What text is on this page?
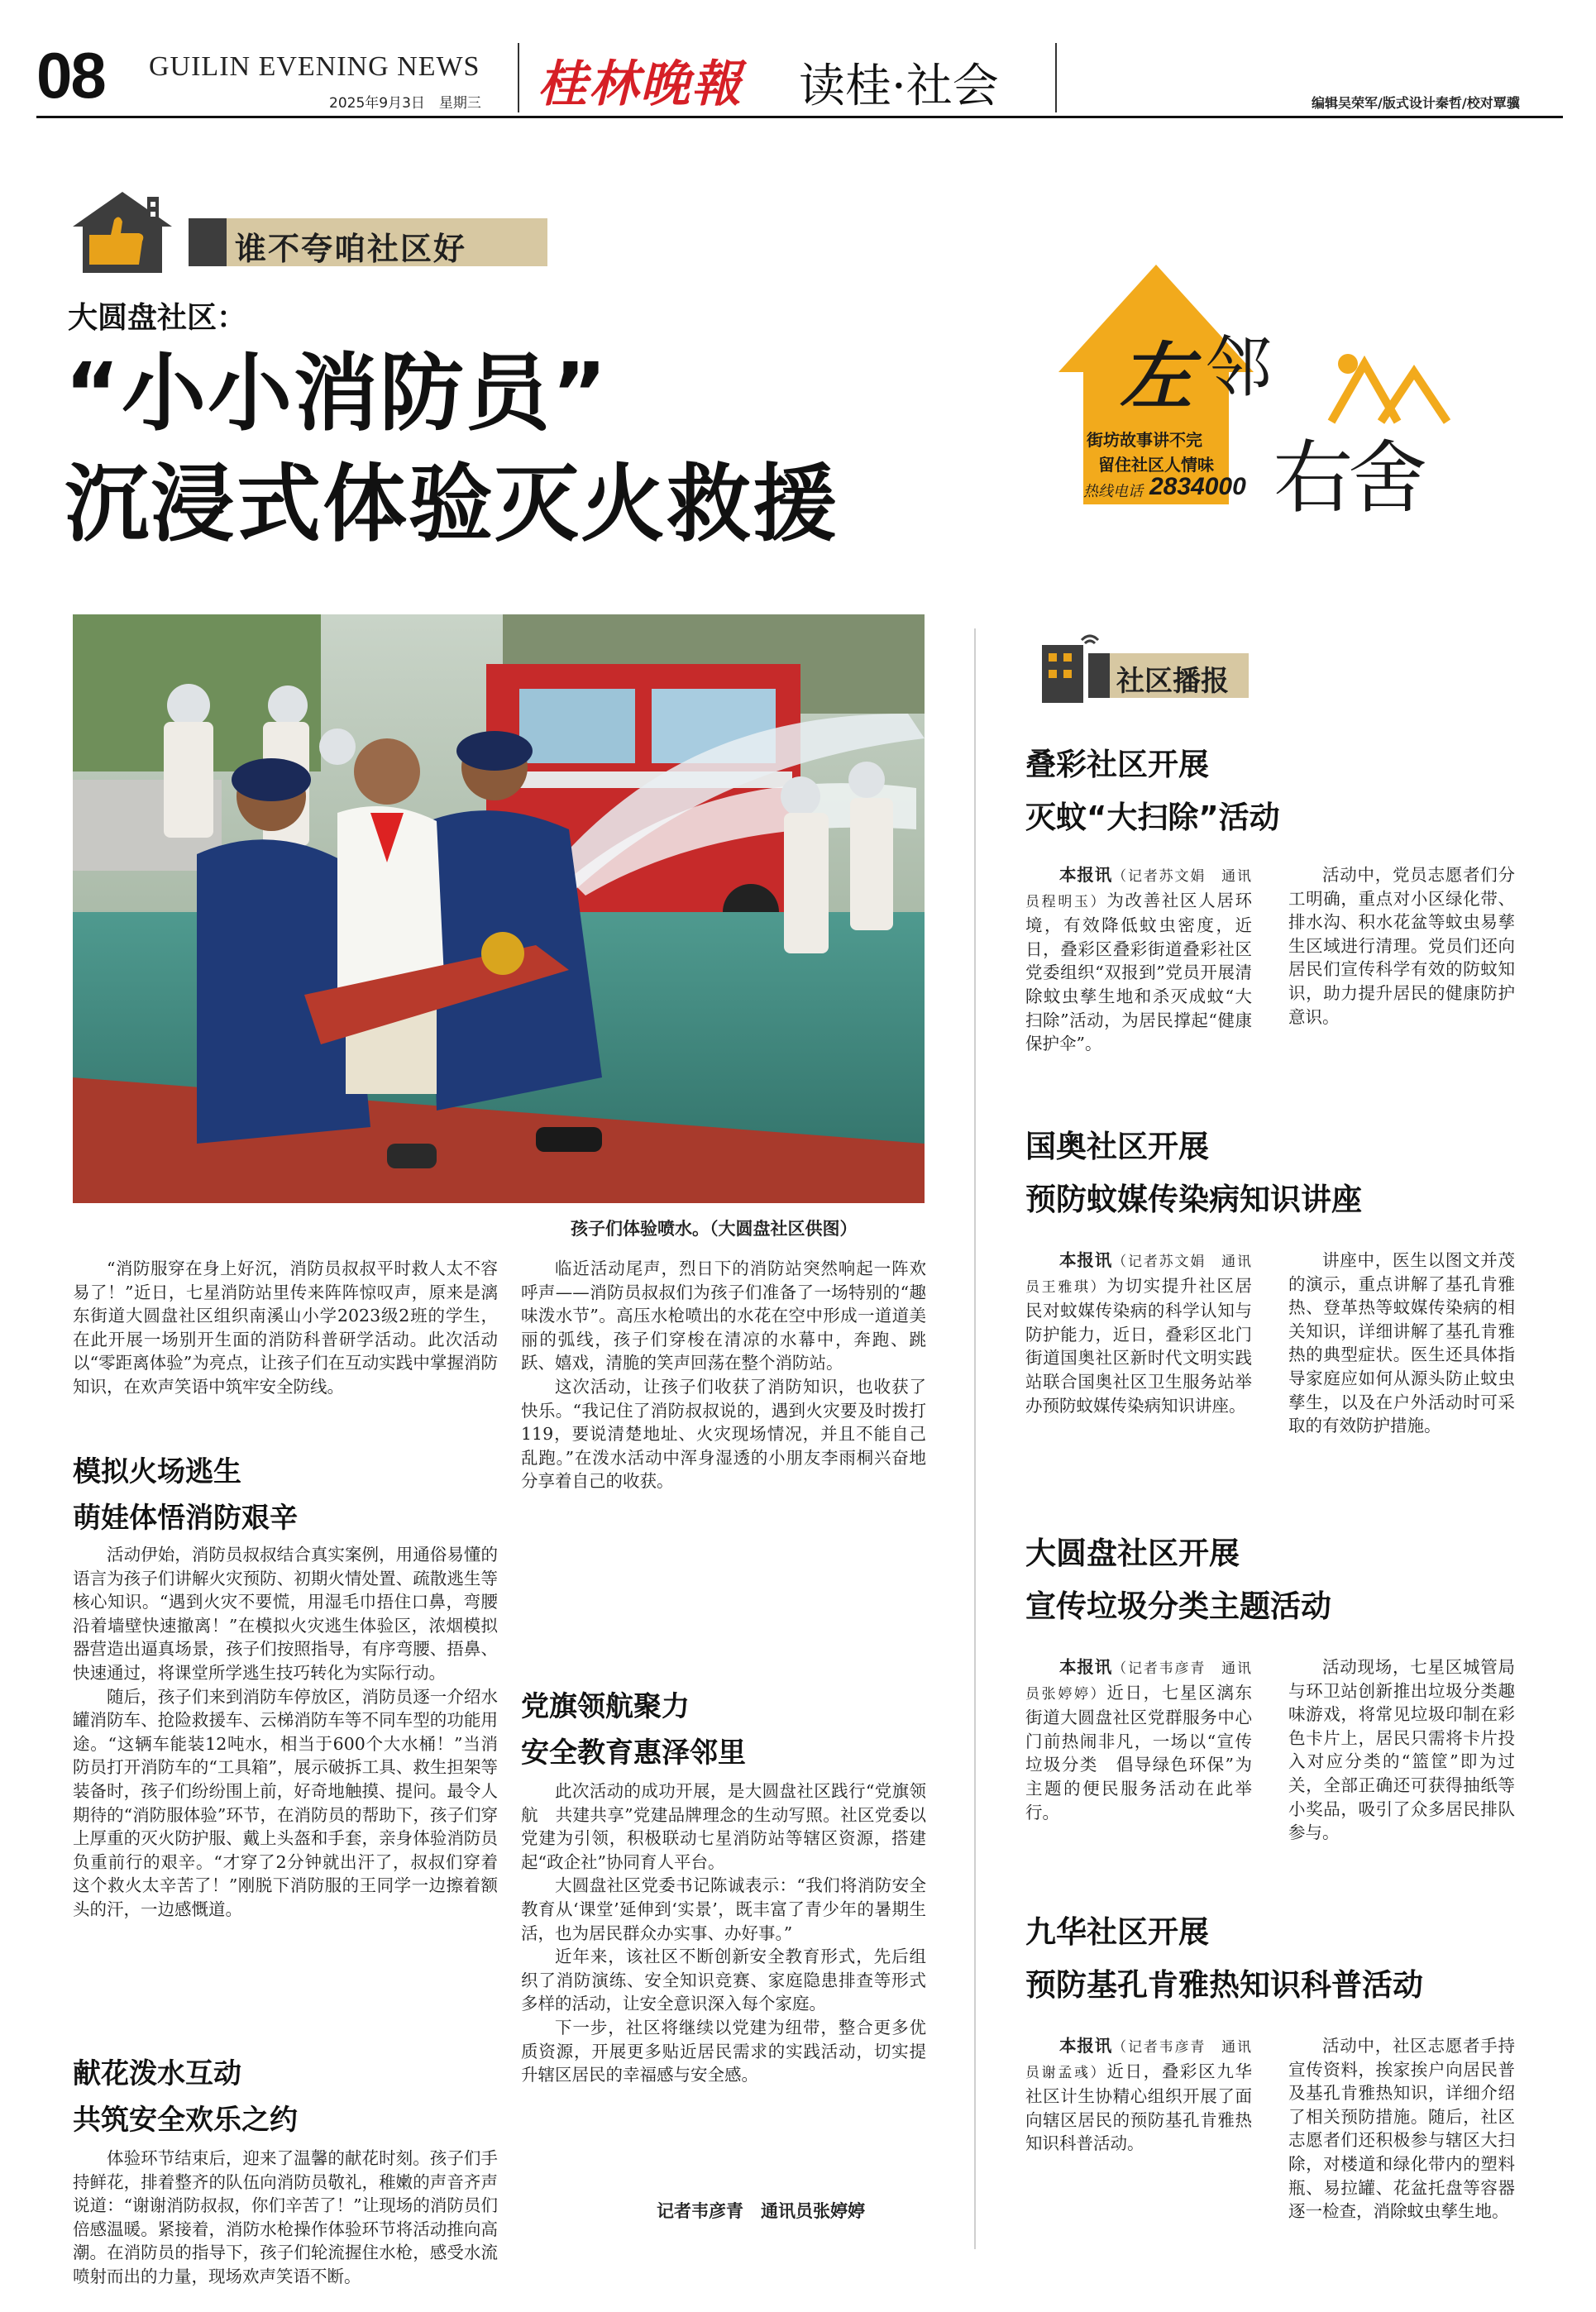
08 GUILIN EVENING NEWS
2025年9月3日　星期三 桂林晚報 读桂·社会	编辑吴荣军/版式设计秦哲/校对覃骥
谁不夸咱社区好
左 邻
右舍
街坊故事讲不完
留住社区人情味
热线电话 2834000
大圆盘社区：
“小小消防员”
沉浸式体验灭火救援
孩子们体验喷水。（大圆盘社区供图）

“消防服穿在身上好沉，消防员叔叔平时救人太不容易了！”近日，七星消防站里传来阵阵惊叹声，原来是漓东街道大圆盘社区组织南溪山小学2023级2班的学生，在此开展一场别开生面的消防科普研学活动。此次活动以“零距离体验”为亮点，让孩子们在互动实践中掌握消防知识，在欢声笑语中筑牢安全防线。

模拟火场逃生
萌娃体悟消防艰辛

活动伊始，消防员叔叔结合真实案例，用通俗易懂的语言为孩子们讲解火灾预防、初期火情处置、疏散逃生等核心知识。“遇到火灾不要慌，用湿毛巾捂住口鼻，弯腰沿着墙壁快速撤离！”在模拟火灾逃生体验区，浓烟模拟器营造出逼真场景，孩子们按照指导，有序弯腰、捂鼻、快速通过，将课堂所学逃生技巧转化为实际行动。

随后，孩子们来到消防车停放区，消防员逐一介绍水罐消防车、抢险救援车、云梯消防车等不同车型的功能用途。“这辆车能装12吨水，相当于600个大水桶！”当消防员打开消防车的“工具箱”，展示破拆工具、救生担架等装备时，孩子们纷纷围上前，好奇地触摸、提问。最令人期待的“消防服体验”环节，在消防员的帮助下，孩子们穿上厚重的灭火防护服、戴上头盔和手套，亲身体验消防员负重前行的艰辛。“才穿了2分钟就出汗了，叔叔们穿着这个救火太辛苦了！”刚脱下消防服的王同学一边擦着额头的汗，一边感慨道。

献花泼水互动
共筑安全欢乐之约

体验环节结束后，迎来了温馨的献花时刻。孩子们手持鲜花，排着整齐的队伍向消防员敬礼，稚嫩的声音齐声说道：“谢谢消防叔叔，你们辛苦了！”让现场的消防员们倍感温暖。紧接着，消防水枪操作体验环节将活动推向高潮。在消防员的指导下，孩子们轮流握住水枪，感受水流喷射而出的力量，现场欢声笑语不断。

临近活动尾声，烈日下的消防站突然响起一阵欢呼声——消防员叔叔们为孩子们准备了一场特别的“趣味泼水节”。高压水枪喷出的水花在空中形成一道道美丽的弧线，孩子们穿梭在清凉的水幕中，奔跑、跳跃、嬉戏，清脆的笑声回荡在整个消防站。

这次活动，让孩子们收获了消防知识，也收获了快乐。“我记住了消防叔叔说的，遇到火灾要及时拨打119，要说清楚地址、火灾现场情况，并且不能自己乱跑。”在泼水活动中浑身湿透的小朋友李雨桐兴奋地分享着自己的收获。

党旗领航聚力
安全教育惠泽邻里

此次活动的成功开展，是大圆盘社区践行“党旗领航　共建共享”党建品牌理念的生动写照。社区党委以党建为引领，积极联动七星消防站等辖区资源，搭建起“政企社”协同育人平台。

大圆盘社区党委书记陈诚表示：“我们将消防安全教育从‘课堂’延伸到‘实景’，既丰富了青少年的暑期生活，也为居民群众办实事、办好事。”

近年来，该社区不断创新安全教育形式，先后组织了消防演练、安全知识竞赛、家庭隐患排查等形式多样的活动，让安全意识深入每个家庭。

下一步，社区将继续以党建为纽带，整合更多优质资源，开展更多贴近居民需求的实践活动，切实提升辖区居民的幸福感与安全感。

记者韦彦青　通讯员张婷婷
社区播报
叠彩社区开展
灭蚊“大扫除”活动

本报讯（记者苏文娟　通讯员程明玉）为改善社区人居环境，有效降低蚊虫密度，近日，叠彩区叠彩街道叠彩社区党委组织“双报到”党员开展清除蚊虫孳生地和杀灭成蚊“大扫除”活动，为居民撑起“健康保护伞”。

活动中，党员志愿者们分工明确，重点对小区绿化带、排水沟、积水花盆等蚊虫易孳生区域进行清理。党员们还向居民们宣传科学有效的防蚊知识，助力提升居民的健康防护意识。

国奥社区开展
预防蚊媒传染病知识讲座

本报讯（记者苏文娟　通讯员王雅琪）为切实提升社区居民对蚊媒传染病的科学认知与防护能力，近日，叠彩区北门街道国奥社区新时代文明实践站联合国奥社区卫生服务站举办预防蚊媒传染病知识讲座。

讲座中，医生以图文并茂的演示，重点讲解了基孔肯雅热、登革热等蚊媒传染病的相关知识，详细讲解了基孔肯雅热的典型症状。医生还具体指导家庭应如何从源头防止蚊虫孳生，以及在户外活动时可采取的有效防护措施。

大圆盘社区开展
宣传垃圾分类主题活动

本报讯（记者韦彦青　通讯员张婷婷）近日，七星区漓东街道大圆盘社区党群服务中心门前热闹非凡，一场以“宣传垃圾分类　倡导绿色环保”为主题的便民服务活动在此举行。

活动现场，七星区城管局与环卫站创新推出垃圾分类趣味游戏，将常见垃圾印制在彩色卡片上，居民只需将卡片投入对应分类的“篮筐”即为过关，全部正确还可获得抽纸等小奖品，吸引了众多居民排队参与。

九华社区开展
预防基孔肯雅热知识科普活动

本报讯（记者韦彦青　通讯员谢孟彧）近日，叠彩区九华社区计生协精心组织开展了面向辖区居民的预防基孔肯雅热知识科普活动。

活动中，社区志愿者手持宣传资料，挨家挨户向居民普及基孔肯雅热知识，详细介绍了相关预防措施。随后，社区志愿者们还积极参与辖区大扫除，对楼道和绿化带内的塑料瓶、易拉罐、花盆托盘等容器逐一检查，消除蚊虫孳生地。
